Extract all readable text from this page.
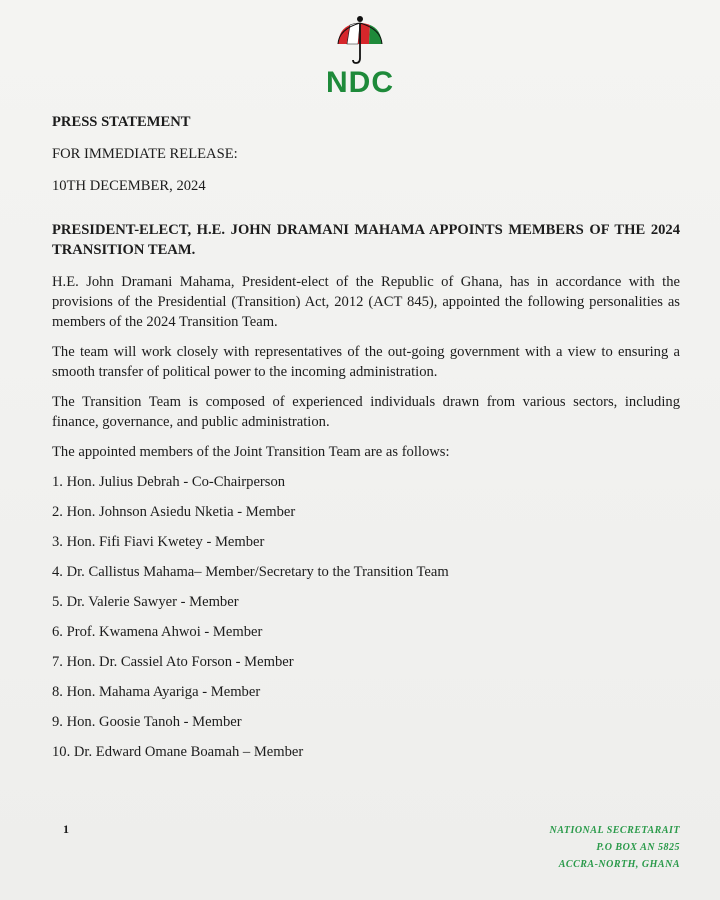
NDC
PRESS STATEMENT
FOR IMMEDIATE RELEASE:
10TH DECEMBER, 2024
PRESIDENT-ELECT, H.E. JOHN DRAMANI MAHAMA APPOINTS MEMBERS OF THE 2024 TRANSITION TEAM.

H.E. John Dramani Mahama, President-elect of the Republic of Ghana, has in accordance with the provisions of the Presidential (Transition) Act, 2012 (ACT 845), appointed the following personalities as members of the 2024 Transition Team.

The team will work closely with representatives of the out-going government with a view to ensuring a smooth transfer of political power to the incoming administration.

The Transition Team is composed of experienced individuals drawn from various sectors, including finance, governance, and public administration.

The appointed members of the Joint Transition Team are as follows:

1. Hon. Julius Debrah - Co-Chairperson
2. Hon. Johnson Asiedu Nketia - Member
3. Hon. Fifi Fiavi Kwetey - Member
4. Dr. Callistus Mahama– Member/Secretary to the Transition Team
5. Dr. Valerie Sawyer - Member
6. Prof. Kwamena Ahwoi - Member
7. Hon. Dr. Cassiel Ato Forson - Member
8. Hon. Mahama Ayariga - Member
9. Hon. Goosie Tanoh - Member
10. Dr. Edward Omane Boamah – Member
1	NATIONAL SECRETARAIT
P.O BOX AN 5825
ACCRA-NORTH, GHANA
